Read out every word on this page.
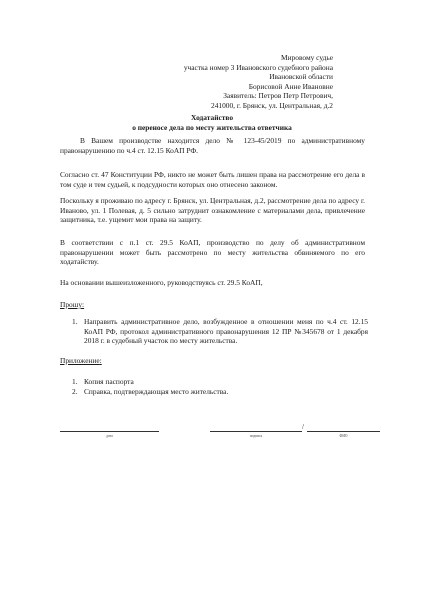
Мировому судье
участка номер 3 Ивановского судебного района
Ивановской области
Борисовой Анне Ивановне
Заявитель: Петров Петр Петрович,
241000, г. Брянск, ул. Центральная, д.2
Ходатайство
о переносе дела по месту жительства ответчика

В Вашем производстве находится дело № 123-45/2019 по административному правонарушению по ч.4 ст. 12.15 КоАП РФ.

Согласно ст. 47 Конституции РФ, никто не может быть лишен права на рассмотрение его дела в том суде и тем судьей, к подсудности которых оно отнесено законом.

Поскольку я проживаю по адресу г. Брянск, ул. Центральная, д.2, рассмотрение дела по адресу г. Иваново, ул. 1 Полевая, д. 5 сильно затруднит ознакомление с материалами дела, привлечение защитника, т.е. ущемит мои права на защиту.

В соответствии с п.1 ст. 29.5 КоАП, производство по делу об административном правонарушении может быть рассмотрено по месту жительства обвиняемого по его ходатайству.

На основании вышеизложенного, руководствуясь ст. 29.5 КоАП,

Прошу:
1. Направить административное дело, возбужденное в отношении меня по ч.4 ст. 12.15 КоАП РФ, протокол административного правонарушения 12 ПР №345678 от 1 декабря 2018 г. в судебный участок по месту жительства.
Приложение:
1. Копия паспорта
2. Справка, подтверждающая место жительства.
дата	подпись
/
ФИО
